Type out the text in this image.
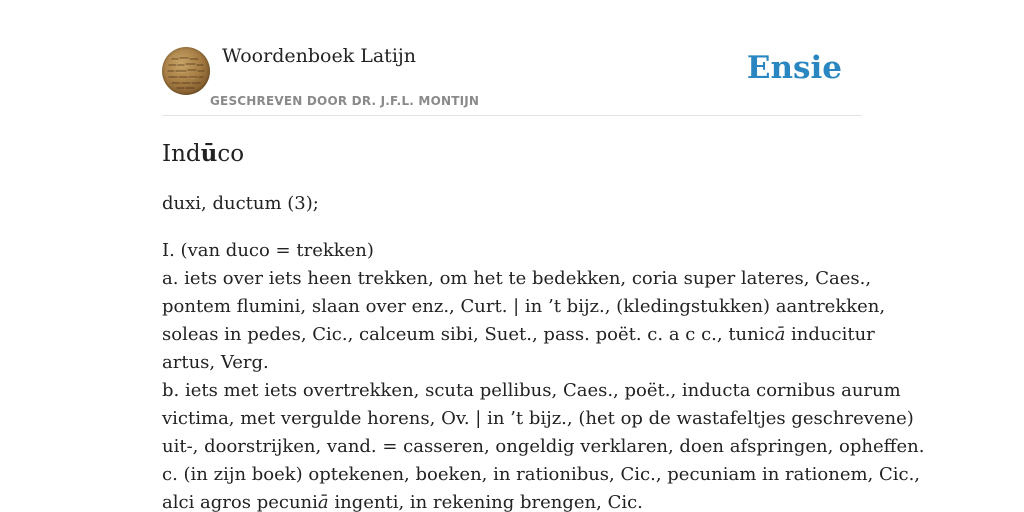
Woordenboek Latijn
GESCHREVEN DOOR DR. J.F.L. MONTIJN
Ensie
Indūco

duxi, ductum (3);

I. (van duco = trekken)
a. iets over iets heen trekken, om het te bedekken, coria super lateres, Caes.,
pontem flumini, slaan over enz., Curt. | in ’t bijz., (kledingstukken) aantrekken,
soleas in pedes, Cic., calceum sibi, Suet., pass. poët. c. a c c., tunicā inducitur
artus, Verg.
b. iets met iets overtrekken, scuta pellibus, Caes., poët., inducta cornibus aurum
victima, met vergulde horens, Ov. | in ’t bijz., (het op de wastafeltjes geschrevene)
uit-, doorstrijken, vand. = casseren, ongeldig verklaren, doen afspringen, opheffen.
c. (in zijn boek) optekenen, boeken, in rationibus, Cic., pecuniam in rationem, Cic.,
alci agros pecuniā ingenti, in rekening brengen, Cic.
